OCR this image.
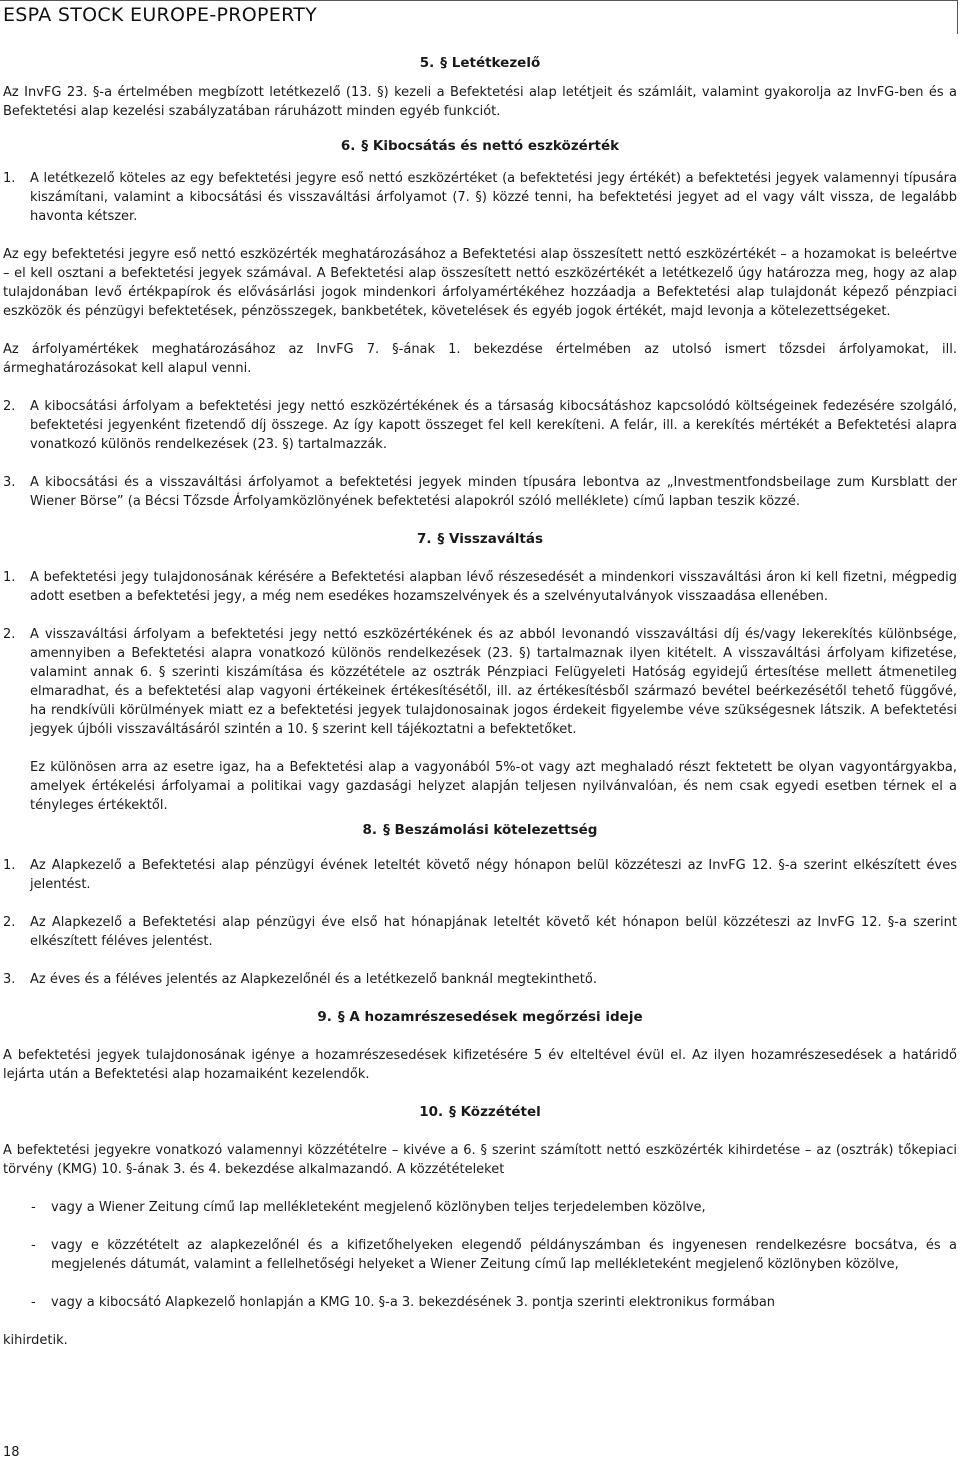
ESPA STOCK EUROPE-PROPERTY
5. § Letétkezelő

Az InvFG 23. §-a értelmében megbízott letétkezelő (13. §) kezeli a Befektetési alap letétjeit és számláit, valamint gyakorolja az InvFG-ben és a Befektetési alap kezelési szabályzatában ráruházott minden egyéb funkciót.

6. § Kibocsátás és nettó eszközérték
1. A letétkezelő köteles az egy befektetési jegyre eső nettó eszközértéket (a befektetési jegy értékét) a befektetési jegyek valamennyi típusára kiszámítani, valamint a kibocsátási és visszaváltási árfolyamot (7. §) közzé tenni, ha befektetési jegyet ad el vagy vált vissza, de legalább havonta kétszer.

Az egy befektetési jegyre eső nettó eszközérték meghatározásához a Befektetési alap összesített nettó eszközértékét – a hozamokat is beleértve – el kell osztani a befektetési jegyek számával. A Befektetési alap összesített nettó eszközértékét a letétkezelő úgy határozza meg, hogy az alap tulajdonában levő értékpapírok és elővásárlási jogok mindenkori árfolyamértékéhez hozzáadja a Befektetési alap tulajdonát képező pénzpiaci eszközök és pénzügyi befektetések, pénzösszegek, bankbetétek, követelések és egyéb jogok értékét, majd levonja a kötelezettségeket.

Az árfolyamértékek meghatározásához az InvFG 7. §-ának 1. bekezdése értelmében az utolsó ismert tőzsdei árfolyamokat, ill. ármeghatározásokat kell alapul venni.

2. A kibocsátási árfolyam a befektetési jegy nettó eszközértékének és a társaság kibocsátáshoz kapcsolódó költségeinek fedezésére szolgáló, befektetési jegyenként fizetendő díj összege. Az így kapott összeget fel kell kerekíteni. A felár, ill. a kerekítés mértékét a Befektetési alapra vonatkozó különös rendelkezések (23. §) tartalmazzák.
3. A kibocsátási és a visszaváltási árfolyamot a befektetési jegyek minden típusára lebontva az „Investmentfondsbeilage zum Kursblatt der Wiener Börse” (a Bécsi Tőzsde Árfolyamközlönyének befektetési alapokról szóló melléklete) című lapban teszik közzé.
7. § Visszaváltás
1. A befektetési jegy tulajdonosának kérésére a Befektetési alapban lévő részesedését a mindenkori visszaváltási áron ki kell fizetni, mégpedig adott esetben a befektetési jegy, a még nem esedékes hozamszelvények és a szelvényutalványok visszaadása ellenében.
2. A visszaváltási árfolyam a befektetési jegy nettó eszközértékének és az abból levonandó visszaváltási díj és/vagy lekerekítés különbsége, amennyiben a Befektetési alapra vonatkozó különös rendelkezések (23. §) tartalmaznak ilyen kitételt. A visszaváltási árfolyam kifizetése, valamint annak 6. § szerinti kiszámítása és közzététele az osztrák Pénzpiaci Felügyeleti Hatóság egyidejű értesítése mellett átmenetileg elmaradhat, és a befektetési alap vagyoni értékeinek értékesítésétől, ill. az értékesítésből származó bevétel beérkezésétől tehető függővé, ha rendkívüli körülmények miatt ez a befektetési jegyek tulajdonosainak jogos érdekeit figyelembe véve szükségesnek látszik. A befektetési jegyek újbóli visszaváltásáról szintén a 10. § szerint kell tájékoztatni a befektetőket.

Ez különösen arra az esetre igaz, ha a Befektetési alap a vagyonából 5%-ot vagy azt meghaladó részt fektetett be olyan vagyontárgyakba, amelyek értékelési árfolyamai a politikai vagy gazdasági helyzet alapján teljesen nyilvánvalóan, és nem csak egyedi esetben térnek el a tényleges értékektől.

8. § Beszámolási kötelezettség
1. Az Alapkezelő a Befektetési alap pénzügyi évének leteltét követő négy hónapon belül közzéteszi az InvFG 12. §-a szerint elkészített éves jelentést.
2. Az Alapkezelő a Befektetési alap pénzügyi éve első hat hónapjának leteltét követő két hónapon belül közzéteszi az InvFG 12. §-a szerint elkészített féléves jelentést.
3. Az éves és a féléves jelentés az Alapkezelőnél és a letétkezelő banknál megtekinthető.
9. § A hozamrészesedések megőrzési ideje

A befektetési jegyek tulajdonosának igénye a hozamrészesedések kifizetésére 5 év elteltével évül el. Az ilyen hozamrészesedések a határidő lejárta után a Befektetési alap hozamaiként kezelendők.

10. § Közzététel

A befektetési jegyekre vonatkozó valamennyi közzétételre – kivéve a 6. § szerint számított nettó eszközérték kihirdetése – az (osztrák) tőkepiaci törvény (KMG) 10. §-ának 3. és 4. bekezdése alkalmazandó. A közzétételeket

- vagy a Wiener Zeitung című lap mellékleteként megjelenő közlönyben teljes terjedelemben közölve,
- vagy e közzétételt az alapkezelőnél és a kifizetőhelyeken elegendő példányszámban és ingyenesen rendelkezésre bocsátva, és a megjelenés dátumát, valamint a fellelhetőségi helyeket a Wiener Zeitung című lap mellékleteként megjelenő közlönyben közölve,
- vagy a kibocsátó Alapkezelő honlapján a KMG 10. §-a 3. bekezdésének 3. pontja szerinti elektronikus formában

kihirdetik.

18
